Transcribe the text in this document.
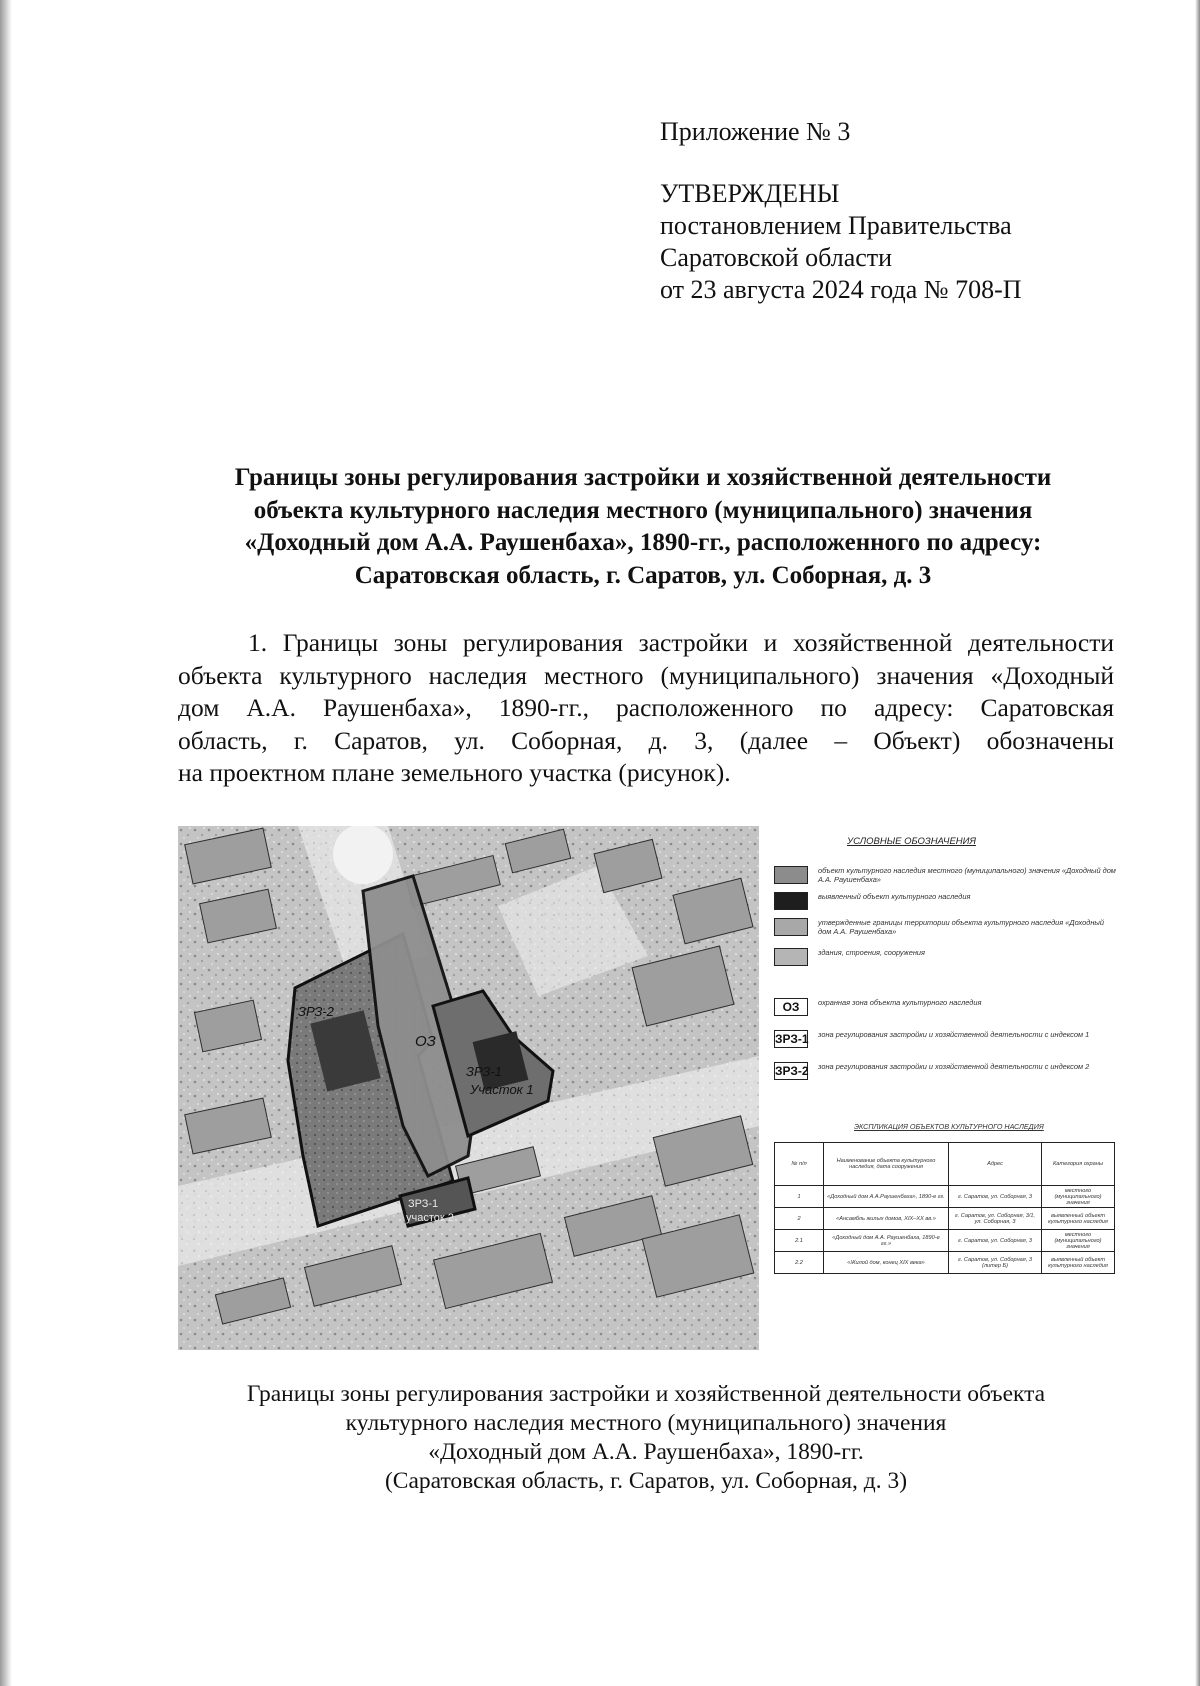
Приложение № 3
УТВЕРЖДЕНЫ
постановлением Правительства
Саратовской области
от 23 августа 2024 года № 708-П
Границы зоны регулирования застройки и хозяйственной деятельности
объекта культурного наследия местного (муниципального) значения
«Доходный дом А.А. Раушенбаха», 1890-гг., расположенного по адресу:
Саратовская область, г. Саратов, ул. Соборная, д. 3
1. Границы зоны регулирования застройки и хозяйственной деятельности
объекта культурного наследия местного (муниципального) значения «Доходный
дом А.А. Раушенбаха», 1890-гг., расположенного по адресу: Саратовская
область, г. Саратов, ул. Соборная, д. 3, (далее – Объект) обозначены
на проектном плане земельного участка (рисунок).
ОЗ
ЗРЗ-2
ЗРЗ-1
Участок 1
ЗРЗ-1
участок 2
УСЛОВНЫЕ ОБОЗНАЧЕНИЯ
объект культурного наследия местного (муниципального) значения «Доходный дом А.А. Раушенбаха»
выявленный объект культурного наследия
утвержденные границы территории объекта культурного наследия «Доходный дом А.А. Раушенбаха»
здания, строения, сооружения
ОЗ	охранная зона объекта культурного наследия
ЗРЗ-1 зона регулирования застройки и хозяйственной деятельности с индексом 1
ЗРЗ-2 зона регулирования застройки и хозяйственной деятельности с индексом 2
ЭКСПЛИКАЦИЯ ОБЪЕКТОВ КУЛЬТУРНОГО НАСЛЕДИЯ
№ п/п	Наименование объекта культурного наследия, дата сооружения	Адрес	Категория охраны
1	«Доходный дом А.А.Раушенбаха», 1890-е гг.	г. Саратов, ул. Соборная, 3	местного (муниципального) значения
2	«Ансамбль жилых домов, XIX–XX вв.»	г. Саратов, ул. Соборная, 3/1, ул. Соборная, 3	выявленный объект культурного наследия
2.1	«Доходный дом А.А. Раушенбаха, 1890-е гг.»	г. Саратов, ул. Соборная, 3	местного (муниципального) значения
2.2	«Жилой дом, конец XIX века»	г. Саратов, ул. Соборная, 3 (литер Б)	выявленный объект культурного наследия
Границы зоны регулирования застройки и хозяйственной деятельности объекта
культурного наследия местного (муниципального) значения
«Доходный дом А.А. Раушенбаха», 1890-гг.
(Саратовская область, г. Саратов, ул. Соборная, д. 3)
